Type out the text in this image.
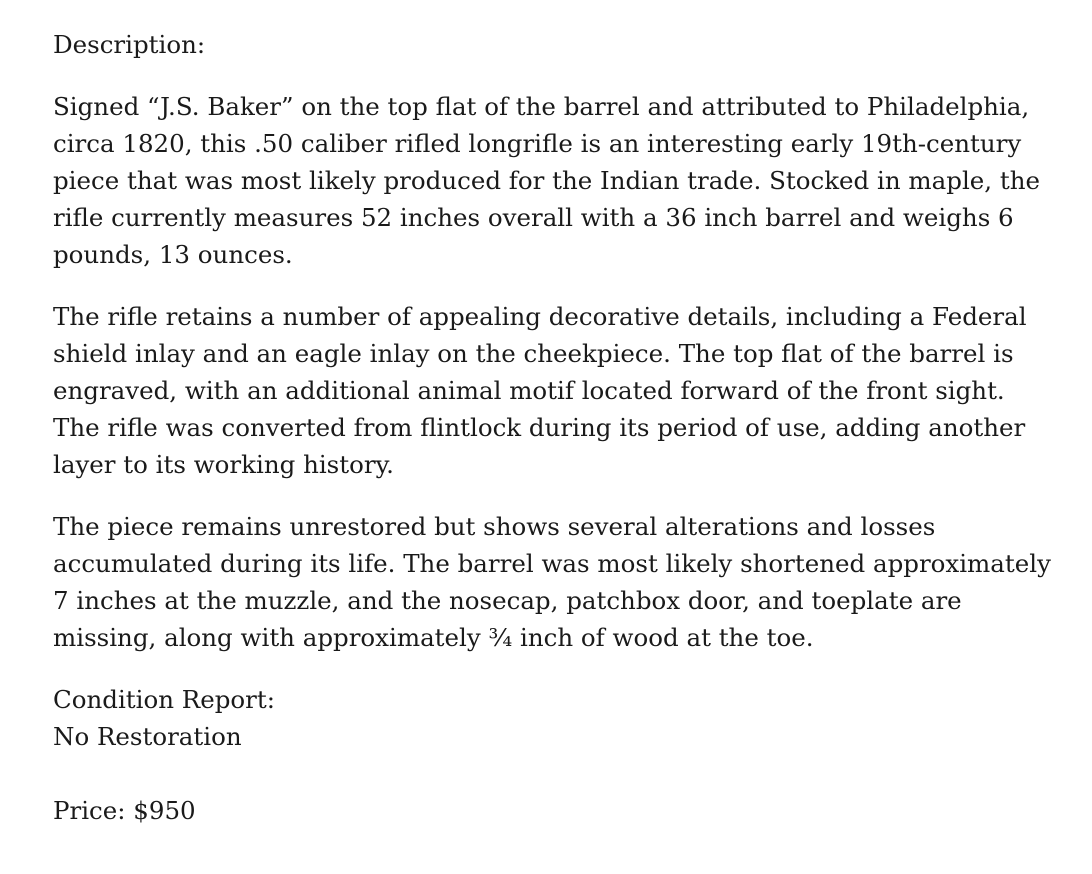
Description:

Signed “J.S. Baker” on the top flat of the barrel and attributed to Philadelphia, circa 1820, this .50 caliber rifled longrifle is an interesting early 19th-century piece that was most likely produced for the Indian trade. Stocked in maple, the rifle currently measures 52 inches overall with a 36 inch barrel and weighs 6 pounds, 13 ounces.

The rifle retains a number of appealing decorative details, including a Federal shield inlay and an eagle inlay on the cheekpiece. The top flat of the barrel is engraved, with an additional animal motif located forward of the front sight. The rifle was converted from flintlock during its period of use, adding another layer to its working history.

The piece remains unrestored but shows several alterations and losses accumulated during its life. The barrel was most likely shortened approximately 7 inches at the muzzle, and the nosecap, patchbox door, and toeplate are missing, along with approximately ¾ inch of wood at the toe.

Condition Report:

No Restoration

Price: $950
